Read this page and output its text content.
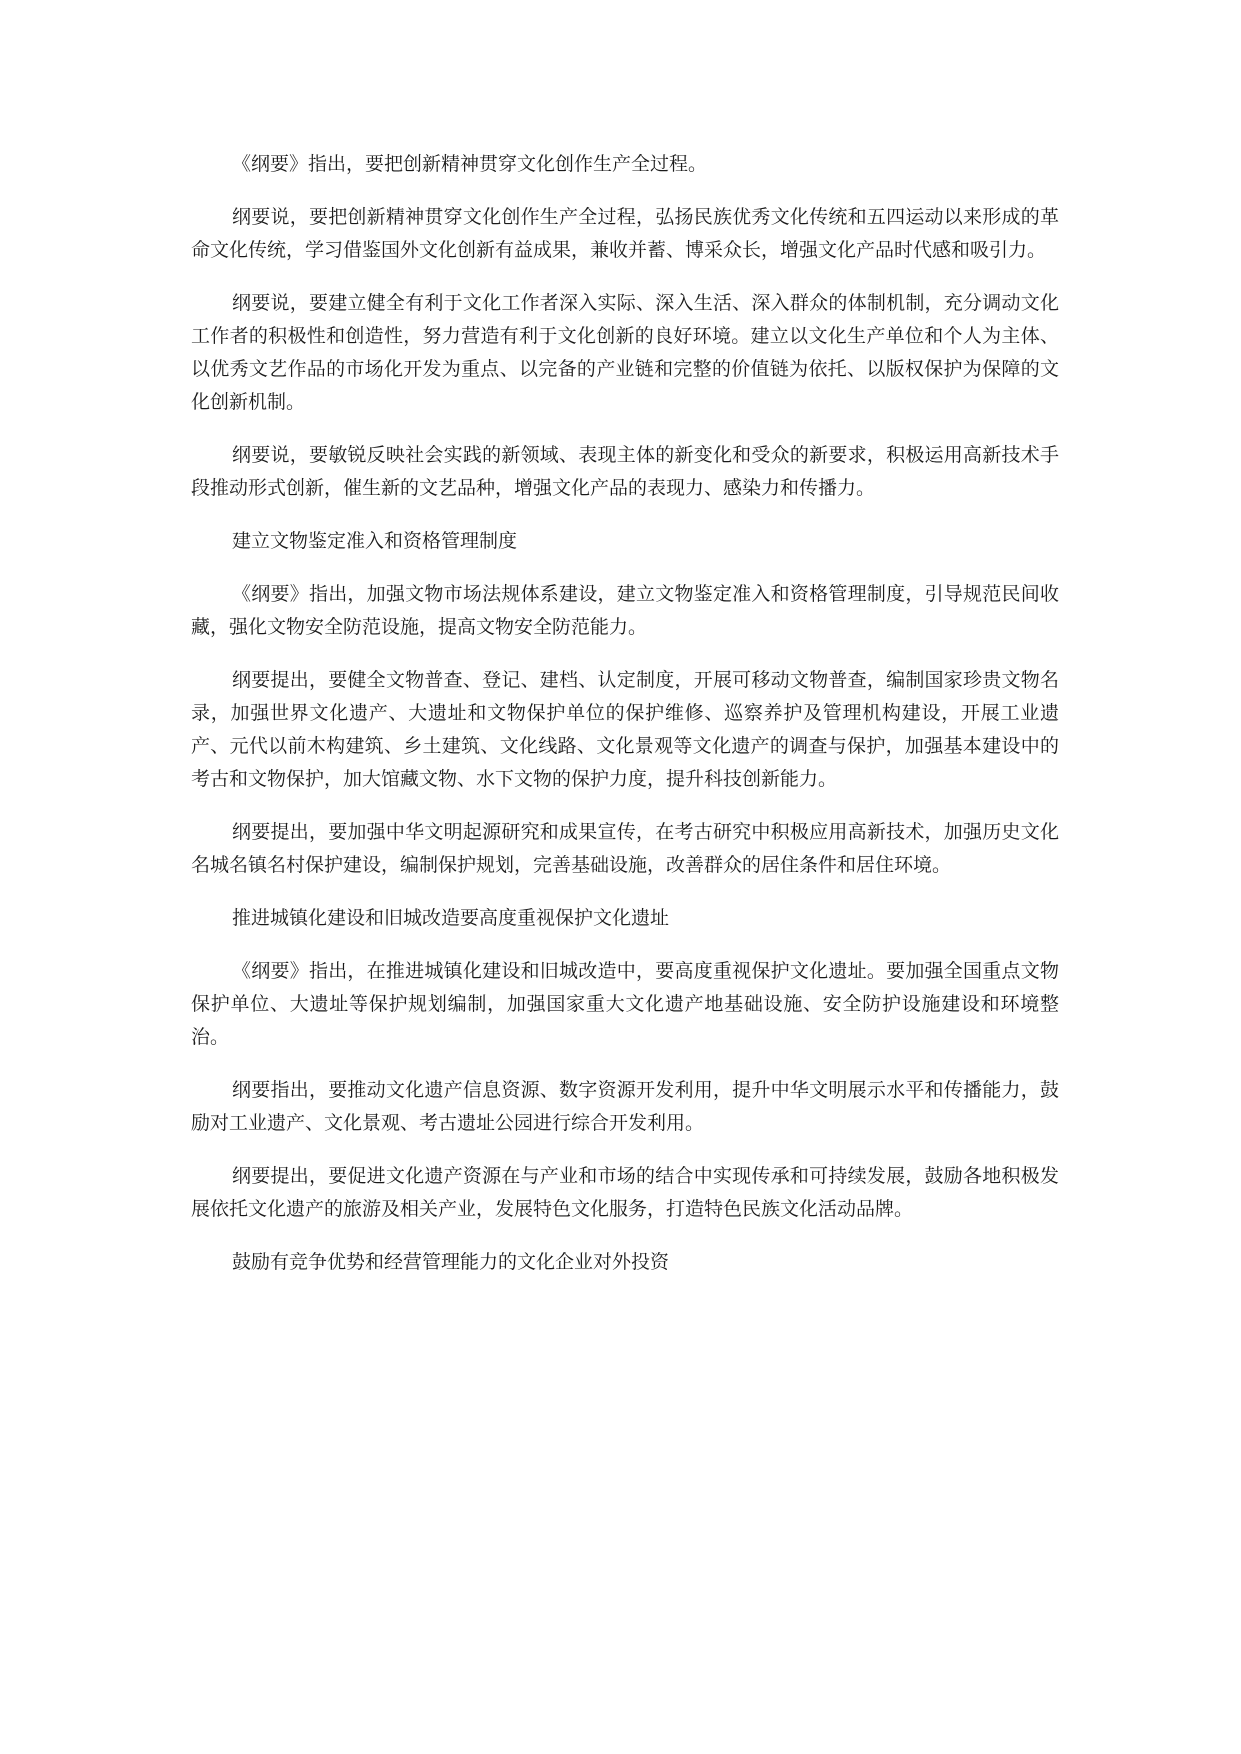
《纲要》指出，要把创新精神贯穿文化创作生产全过程。

纲要说，要把创新精神贯穿文化创作生产全过程，弘扬民族优秀文化传统和五四运动以来形成的革命文化传统，学习借鉴国外文化创新有益成果，兼收并蓄、博采众长，增强文化产品时代感和吸引力。

纲要说，要建立健全有利于文化工作者深入实际、深入生活、深入群众的体制机制，充分调动文化工作者的积极性和创造性，努力营造有利于文化创新的良好环境。建立以文化生产单位和个人为主体、以优秀文艺作品的市场化开发为重点、以完备的产业链和完整的价值链为依托、以版权保护为保障的文化创新机制。

纲要说，要敏锐反映社会实践的新领域、表现主体的新变化和受众的新要求，积极运用高新技术手段推动形式创新，催生新的文艺品种，增强文化产品的表现力、感染力和传播力。

建立文物鉴定准入和资格管理制度

《纲要》指出，加强文物市场法规体系建设，建立文物鉴定准入和资格管理制度，引导规范民间收藏，强化文物安全防范设施，提高文物安全防范能力。

纲要提出，要健全文物普查、登记、建档、认定制度，开展可移动文物普查，编制国家珍贵文物名录，加强世界文化遗产、大遗址和文物保护单位的保护维修、巡察养护及管理机构建设，开展工业遗产、元代以前木构建筑、乡土建筑、文化线路、文化景观等文化遗产的调查与保护，加强基本建设中的考古和文物保护，加大馆藏文物、水下文物的保护力度，提升科技创新能力。

纲要提出，要加强中华文明起源研究和成果宣传，在考古研究中积极应用高新技术，加强历史文化名城名镇名村保护建设，编制保护规划，完善基础设施，改善群众的居住条件和居住环境。

推进城镇化建设和旧城改造要高度重视保护文化遗址

《纲要》指出，在推进城镇化建设和旧城改造中，要高度重视保护文化遗址。要加强全国重点文物保护单位、大遗址等保护规划编制，加强国家重大文化遗产地基础设施、安全防护设施建设和环境整治。

纲要指出，要推动文化遗产信息资源、数字资源开发利用，提升中华文明展示水平和传播能力，鼓励对工业遗产、文化景观、考古遗址公园进行综合开发利用。

纲要提出，要促进文化遗产资源在与产业和市场的结合中实现传承和可持续发展，鼓励各地积极发展依托文化遗产的旅游及相关产业，发展特色文化服务，打造特色民族文化活动品牌。

鼓励有竞争优势和经营管理能力的文化企业对外投资
